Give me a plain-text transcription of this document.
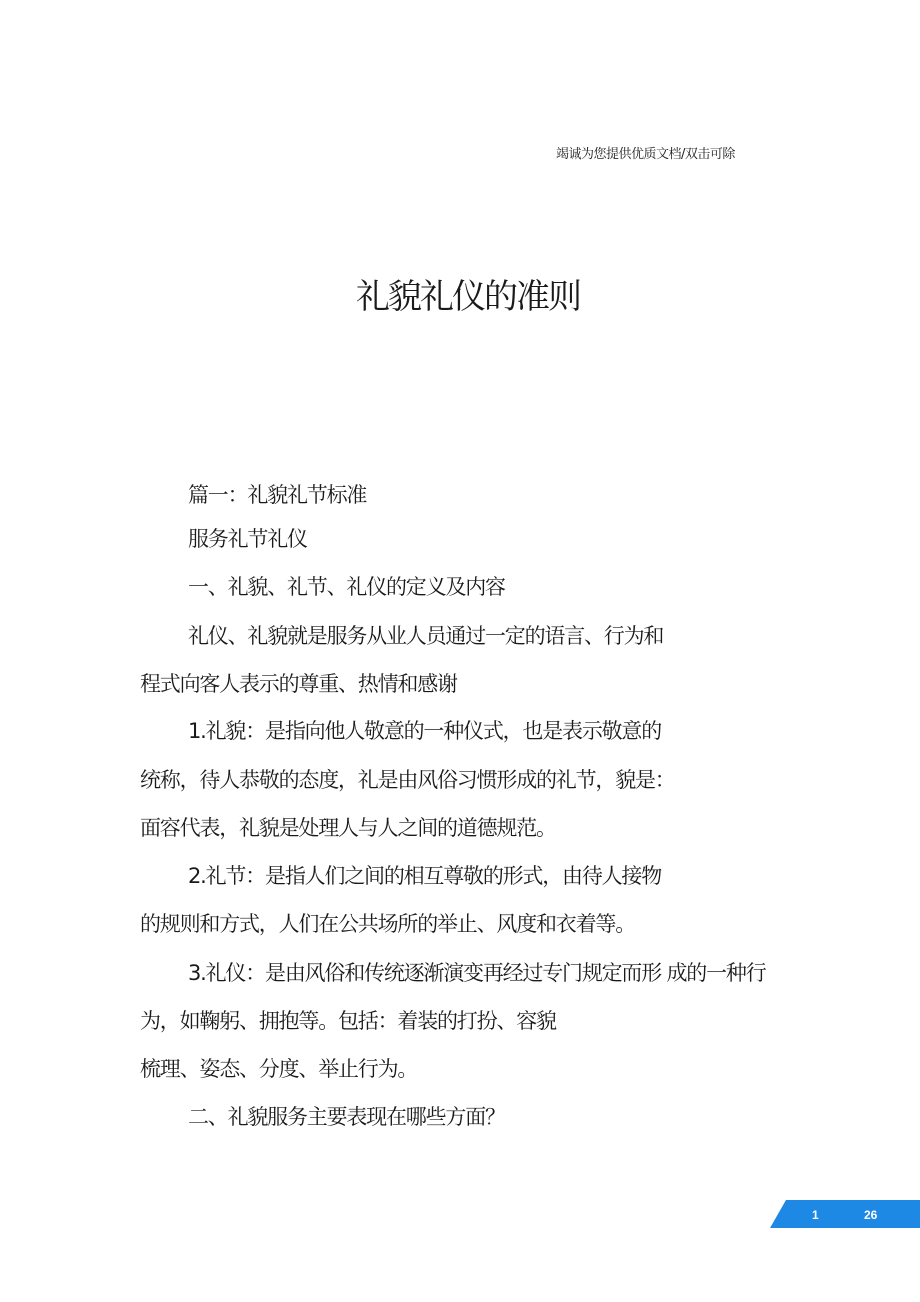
竭诚为您提供优质文档/双击可除
礼貌礼仪的准则
篇一：礼貌礼节标准
服务礼节礼仪
一、礼貌、礼节、礼仪的定义及内容
礼仪、礼貌就是服务从业人员通过一定的语言、行为和
程式向客人表示的尊重、热情和感谢
1.礼貌：是指向他人敬意的一种仪式，也是表示敬意的
统称，待人恭敬的态度，礼是由风俗习惯形成的礼节，貌是：
面容代表，礼貌是处理人与人之间的道德规范。
2.礼节：是指人们之间的相互尊敬的形式，由待人接物
的规则和方式，人们在公共场所的举止、风度和衣着等。
3.礼仪：是由风俗和传统逐渐演变再经过专门规定而形 成的一种行
为，如鞠躬、拥抱等。包括：着装的打扮、容貌
梳理、姿态、分度、举止行为。
二、礼貌服务主要表现在哪些方面？
1	26
